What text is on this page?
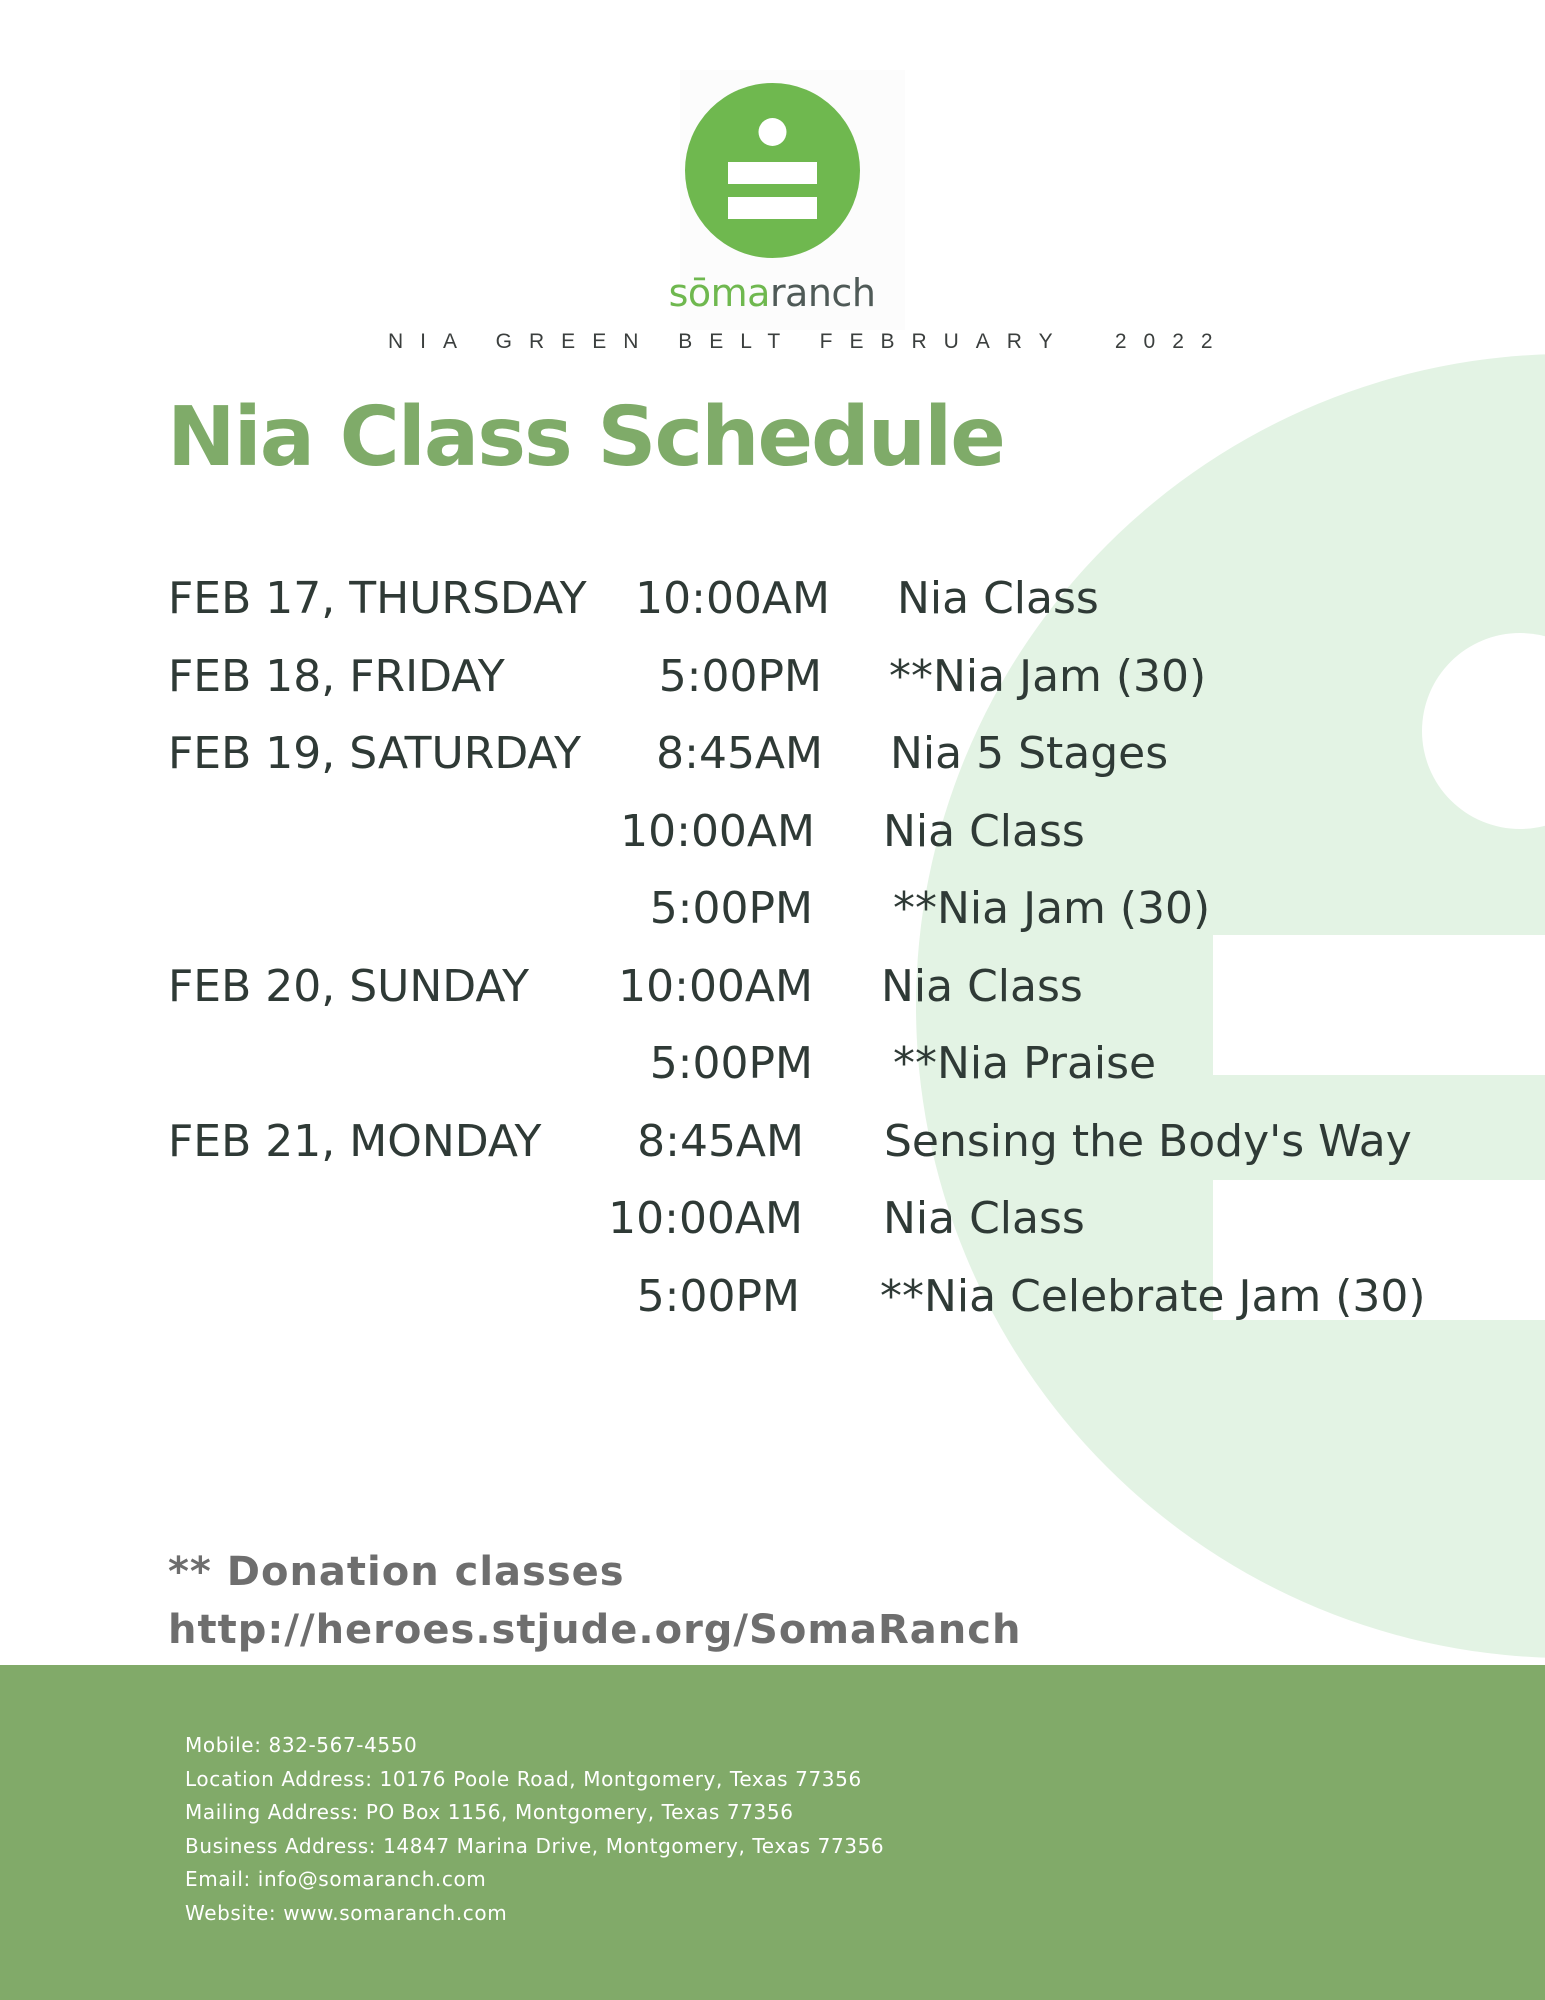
sōmaranch
NIA GREEN BELT FEBRUARY  2022
Nia Class Schedule
FEB 17, THURSDAY	10:00AM Nia Class
FEB 18, FRIDAY	5:00PM **Nia Jam (30)
FEB 19, SATURDAY	8:45AM Nia 5 Stages
10:00AM Nia Class
5:00PM **Nia Jam (30)
FEB 20, SUNDAY	10:00AM Nia Class
5:00PM **Nia Praise
FEB 21, MONDAY	8:45AM Sensing the Body's Way
10:00AM Nia Class
5:00PM **Nia Celebrate Jam (30)
** Donation classes
http://heroes.stjude.org/SomaRanch
Mobile: 832-567-4550
Location Address: 10176 Poole Road, Montgomery, Texas 77356
Mailing Address: PO Box 1156, Montgomery, Texas 77356
Business Address: 14847 Marina Drive, Montgomery, Texas 77356
Email: info@somaranch.com
Website: www.somaranch.com
